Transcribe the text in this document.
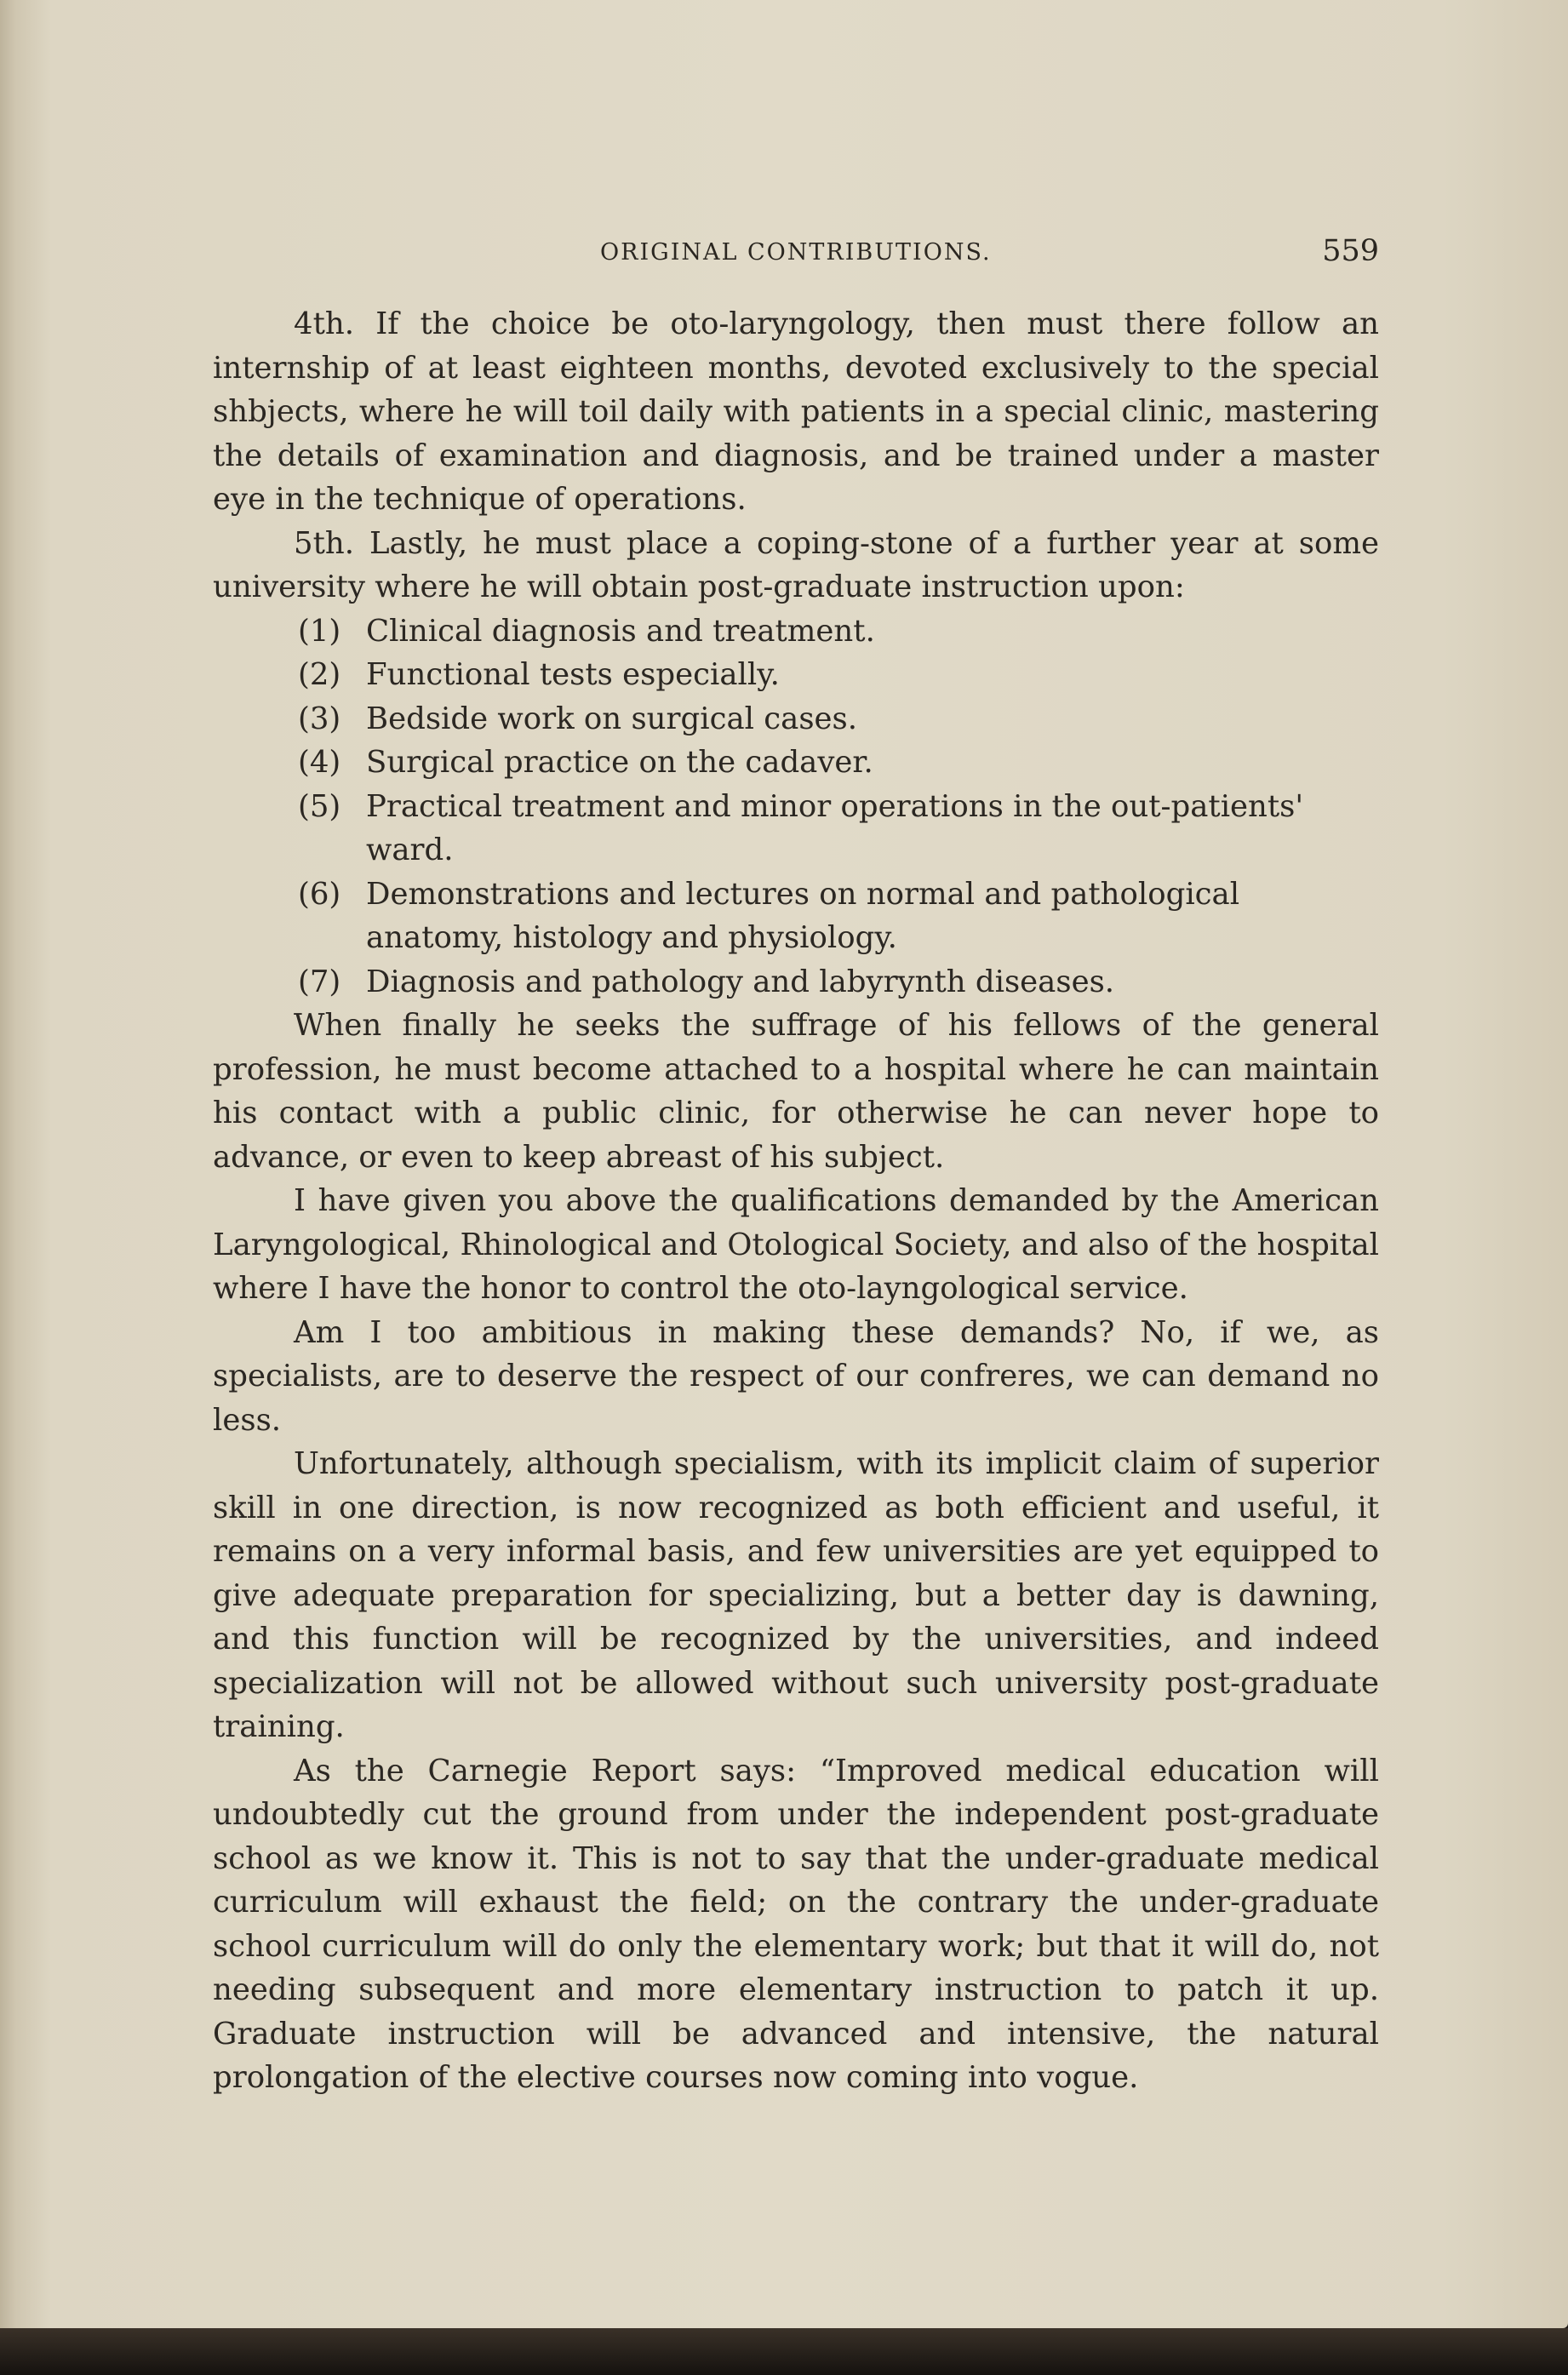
ORIGINAL CONTRIBUTIONS.	559

4th. If the choice be oto-laryngology, then must there follow an internship of at least eighteen months, devoted exclusively to the special shbjects, where he will toil daily with patients in a special clinic, mastering the details of examination and diagnosis, and be trained under a master eye in the technique of operations.

5th. Lastly, he must place a coping-stone of a further year at some university where he will obtain post-graduate instruction upon:

(1) Clinical diagnosis and treatment.
(2) Functional tests especially.
(3) Bedside work on surgical cases.
(4) Surgical practice on the cadaver.
(5) Practical treatment and minor operations in the out-patients' ward.
(6) Demonstrations and lectures on normal and pathological anatomy, histology and physiology.
(7) Diagnosis and pathology and labyrynth diseases.

When finally he seeks the suffrage of his fellows of the general profession, he must become attached to a hospital where he can maintain his contact with a public clinic, for otherwise he can never hope to advance, or even to keep abreast of his subject.

I have given you above the qualifications demanded by the American Laryngological, Rhinological and Otological Society, and also of the hospital where I have the honor to control the oto-layngological service.

Am I too ambitious in making these demands? No, if we, as specialists, are to deserve the respect of our confreres, we can demand no less.

Unfortunately, although specialism, with its implicit claim of superior skill in one direction, is now recognized as both efficient and useful, it remains on a very informal basis, and few universities are yet equipped to give adequate preparation for specializing, but a better day is dawning, and this function will be recognized by the universities, and indeed specialization will not be allowed without such university post-graduate training.

As the Carnegie Report says: “Improved medical education will undoubtedly cut the ground from under the independent post-graduate school as we know it. This is not to say that the under-graduate medical curriculum will exhaust the field; on the contrary the under-graduate school curriculum will do only the elementary work; but that it will do, not needing subsequent and more elementary instruction to patch it up. Graduate instruction will be advanced and intensive, the natural prolongation of the elective courses now coming into vogue.
